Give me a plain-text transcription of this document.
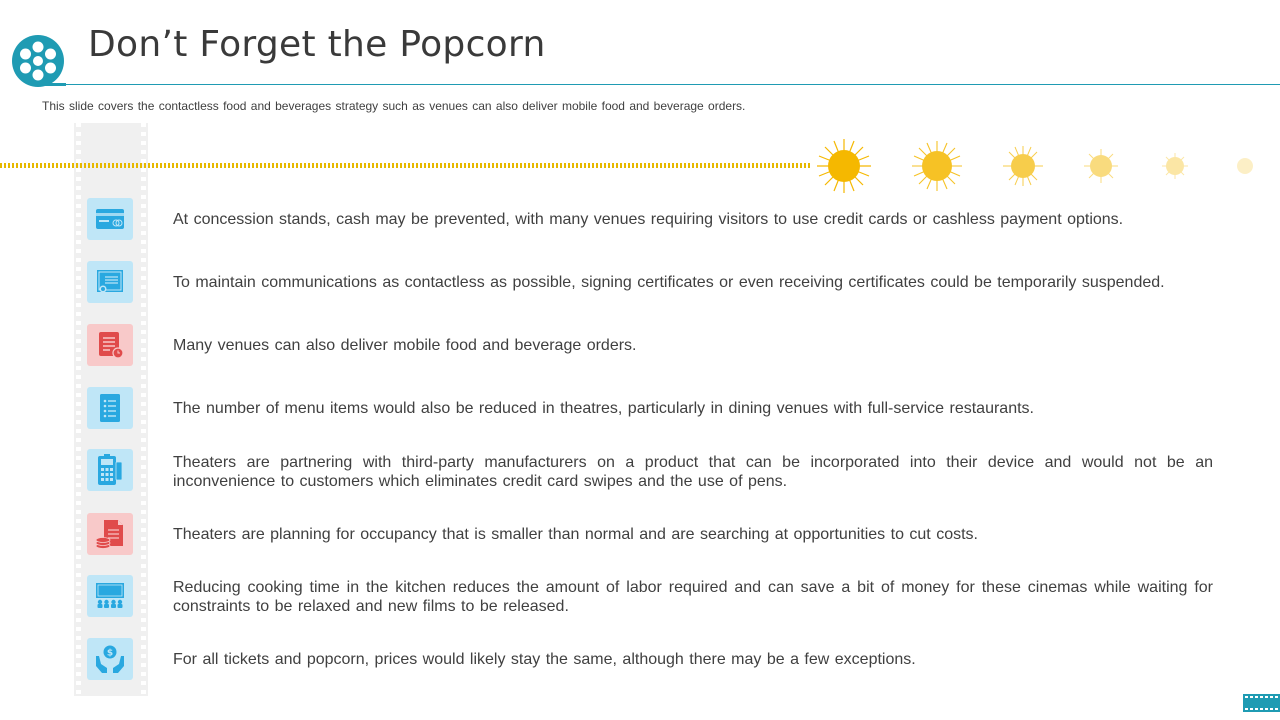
Don’t Forget the Popcorn
This slide covers the contactless food and beverages strategy such as venues can also deliver mobile food and beverage orders.
At concession stands, cash may be prevented, with many venues requiring visitors to use credit cards or cashless payment options.
To maintain communications as contactless as possible, signing certificates or even receiving certificates could be temporarily suspended.
Many venues can also deliver mobile food and beverage orders.
The number of menu items would also be reduced in theatres, particularly in dining venues with full-service restaurants.
Theaters are partnering with third-party manufacturers on a product that can be incorporated into their device and would not be an inconvenience to customers which eliminates credit card swipes and the use of pens.
Theaters are planning for occupancy that is smaller than normal and are searching at opportunities to cut costs.
Reducing cooking time in the kitchen reduces the amount of labor required and can save a bit of money for these cinemas while waiting for constraints to be relaxed and new films to be released.
$	For all tickets and popcorn, prices would likely stay the same, although there may be a few exceptions.
